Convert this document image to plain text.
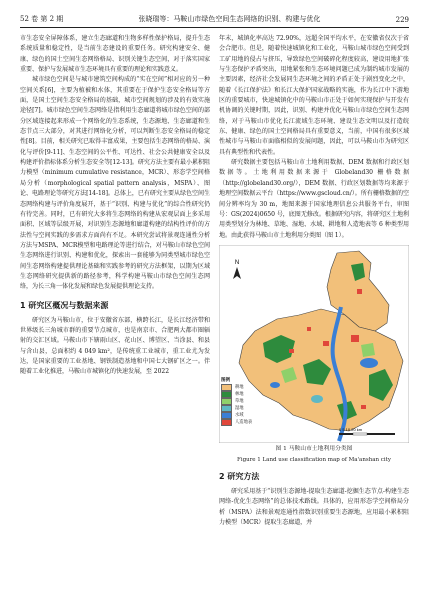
52 卷 第 2 期	张晓瑞等：马鞍山市绿色空间生态网络的识别、构建与优化	229

市生态安全屏障体系，建立生态廊道和生物多样性保护格局，提升生态系统质量和稳定性，是当前生态建设的重要任务。研究构建安全、健康、绿色的国土空间生态网络格局、识别关键生态空间，对于落实国家重要、保护与发展城市生态环境具有重要的理论和实践意义。

城市绿色空间是与城市建筑空间构成的“实在空间”相对应的另一种空间关系[6]，主要为植被和水体，其重要在于保护生态安全格局等方面，是国土空间生态安全格局的基础，城市空间规划的涉及的有效实施途径[7]。城市绿色空间生态网络是指利用生态廊道将城市绿色空间的部分区域连接起来形成一个网络化的生态系统，生态源地、生态廊道和生态节点三大部分，对其进行网络化分析，可以判断生态安全格局的稳定性[8]。目前，相关研究已取得丰富成果，主要包括生态网络的格局、演化与评价[9-11]、生态空间的公平性、可达性、社会公共健康安全以及构建评价指标体系分析生态安全等[12-13]。研究方法主要有最小累积阻力模型（minimum cumulative resistance，MCR）、形态学空间格局分析（morphological spatial pattern analysis，MSPA）、图论、电路理论等研究方法[14-18]。总体上，已有研究主要从绿色空间生态网络构建与评价角度展开，基于“识别、构建与优化”的综合性研究仍有待完善。同时，已有研究大多将生态网络的构建从宏观层面上多采用面积、区域等层级开展，对识别生态源地和廊道构建的结构性评价的方法性与空间实践的多需求方面尚有不足。本研究尝试将景观连通性分析方法与MSPA、MCR模型和电路理论等进行结合，对马鞍山市绿色空间生态网络进行识别、构建和优化，探索出一套能够为同类型城市绿色空间生态网络构建提供理论基础和实践参考的研究方法框架，以期为区域生态网络研究提供新的路径参考，科学构建马鞍山市绿色空间生态网络，为长三角一体化发展和绿色发展提供理论支持。

1 研究区概况与数据来源

研究区为马鞍山市，位于安徽省东部，横跨长江，是长江经济带和世界级长三角城市群的重要节点城市，也是南京市、合肥两大都市圈辐射的交汇区域。马鞍山市下辖雨山区、花山区、博望区、当涂县、和县与含山县，总面积约 4 049 km²，是传统重工业城市，重工业尤为发达，是国家重要的工业基地、钢铁制造基地和中国七大钢矿区之一。伴随着工业化推进，马鞍山市城镇化的快速发展，至 2022

年末，城镇化率高达 72.90%，远超全国平均水平，在安徽省仅次于省会合肥市。但是，随着快速城镇化和工业化，马鞍山城市绿色空间受到工矿用地的侵占与挤压，导致绿色空间破碎化程度较高，建设用地扩张与生态保护矛盾突出，用地紧张和生态环境问题已成为制约城市发展的主要因素，经济社会发展同生态环境之间的矛盾正处于剧烈变化之中，随着《长江保护法》和长江大保护国家战略的实施，作为长江中下游地区的重要城市，快速城镇化中的马鞍山市正处于如何实现保护与开发有机协调的关键时期，因此，识别、构建并优化马鞍山市绿色空间生态网络，对于马鞍山市优化长江流域生态环境、建设生态文明以及打造皖东、健康、绿色的国土空间格局具有重要意义，当前，中国有很多区域性城市与马鞍山市面临相似的发展问题，因此，可以马鞍山市为研究区具有典型性和代表性。

研究数据主要包括马鞍山市土地利用数据、DEM 数据和行政区划数据等。土地利用数据来源于 Globeland30 栅格数据（http://globeland30.org/），DEM 数据、行政区划数据等均来源于地理空间数据云平台（https://www.gscloud.cn/）。所有栅格数据的空间分辨率均为 30 m，地图来源于国家地理信息公共服务平台，审图号：GS(2024)0650 号，底图无修改。根据研究内容，将研究区土地利用类型划分为林地、草地、湿地、水域、耕地和人造地表等 6 种类型用地。由此获得马鞍山市土地利用分类图（图 1）。

N
0 5 10 20 km
图例
耕地
林地
草地
湿地
水域
人造地表
图 1 马鞍山市土地利用分类图
Figure 1 Land use classification map of Ma'anshan city
2 研究方法

研究采用基于“识别生态源地-提取生态廊道-挖掘生态节点-构建生态网络-优化生态网络”的总体技术路线。具体的，应用形态学空间格局分析（MSPA）法和景观连通性指数识别重要生态源地，应用最小累积阻力模型（MCR）提取生态廊道，并
